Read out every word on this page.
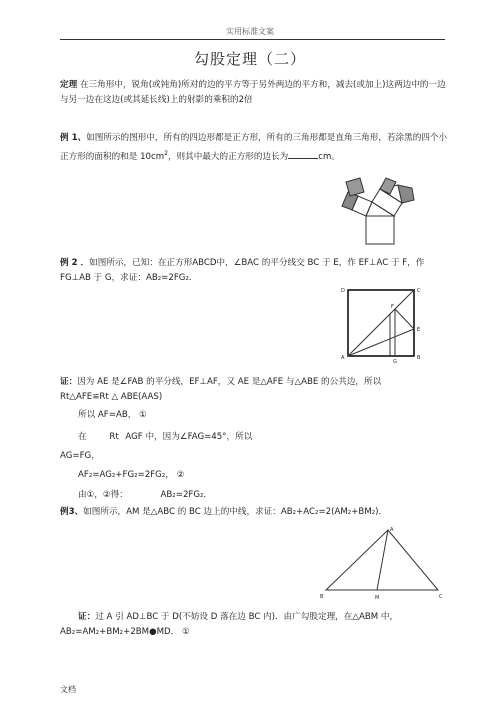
实用标准文案
勾股定理（二）
定理 在三角形中，锐角(或钝角)所对的边的平方等于另外两边的平方和，减去(或加上)这两边中的一边与另一边在这边(或其延长线)上的射影的乘积的2倍
例 1、如图所示的图形中，所有的四边形都是正方形，所有的三角形都是直角三角形，若涂黑的四个小正方形的面积的和是 $10cm^2$，则其中最大的正方形的边长为	cm。
例 2 ．如图所示，已知：在正方形ABCD中，∠BAC 的平分线交 BC 于 E，作 EF⊥AC 于 F，作 FG⊥AB 于 G，求证：AB₂=2FG₂．
D	C
A	B
E
F
G
证：因为 AE 是∠FAB 的平分线，EF⊥AF，又 AE 是△AFE 与△ABE 的公共边，所以
Rt△AFE≌Rt △ ABE(AAS)
所以 AF=AB， ①
在	Rt AGF 中，因为∠FAG=45°，所以
AG=FG，
AF₂=AG₂+FG₂=2FG₂， ②
由①，②得：	AB₂=2FG₂．
例3、如图所示，AM 是△ABC 的 BC 边上的中线，求证：AB₂+AC₂=2(AM₂+BM₂)．
A
B	M	C
证：过 A 引 AD⊥BC 于 D(不妨设 D 落在边 BC 内)．由广勾股定理，在△ABM 中，
AB₂=AM₂+BM₂+2BM●MD． ①
文档
